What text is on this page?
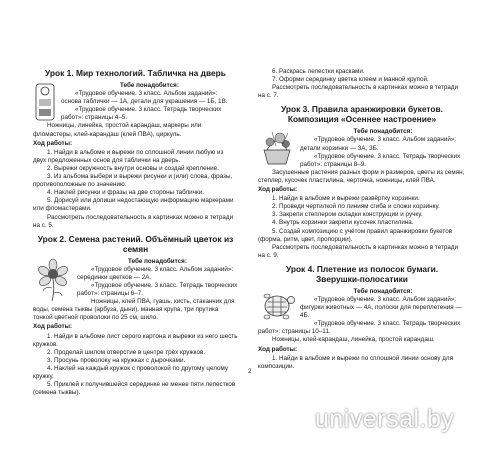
Урок 1. Мир технологий. Табличка на дверь
Тебе понадобится:

«Трудовое обучение. 3 класс. Альбом заданий»: основа таблички — 1А, детали для украшения — 1Б, 1В.

«Трудовое обучение. 3 класс. Тетрадь творческих работ»: страницы 4–5.

Ножницы, линейка, простой карандаш, маркеры или фломастеры, клей-карандаш (клей ПВА), циркуль.

Ход работы:

1. Найди в альбоме и вырежи по сплошной линии любую из двух предложенных основ для таблички на дверь.

2. Вырежи окружность внутри основы и создай крепление.

3. Из альбома выбери и вырежи рисунки и (или) слова, фразы, противоположные по значению.

4. Наклей рисунки и фразы на две стороны таблички.

5. Дорисуй или допиши недостающую информацию маркерами или фломастерами.

Рассмотреть последовательность в картинках можно в тетради на с. 5.

Урок 2. Семена растений. Объёмный цветок из семян
Тебе понадобится:

«Трудовое обучение. 3 класс. Альбом заданий»: серединки цветков — 2А.

«Трудовое обучение. 3 класс. Тетрадь творческих работ»: страницы 6–7.

Ножницы, клей ПВА, гуашь, кисть, стаканчик для воды, семена тыквы (арбуза, дыни), манная крупа, три прутика тонкой цветной проволоки по 25 см, шило.

Ход работы:

1. Найди в альбоме лист серого картона и вырежи из него шесть кружков.

2. Проделай шилом отверстие в центре трёх кружков.

3. Просунь проволоку на кружках с дырочками.

4. Наклей на каждый кружок с проволокой по другому целому кружку.

5. Приклей к получившейся серединке не менее пяти лепестков (семена тыквы).

6. Раскрась лепестки красками.

7. Оформи серединку цветка клеем и манной крупой.

Рассмотреть последовательность в картинках можно в тетради на с. 7.

Урок 3. Правила аранжировки букетов.
Композиция «Осеннее настроение»
Тебе понадобится:

«Трудовое обучение. 3 класс. Альбом заданий»: детали корзинки — 3А, 3Б.

«Трудовое обучение. 3 класс. Тетрадь творческих работ»: страницы 8–9.

Засушенные растения разных форм и размеров, цветы из семян, степлер, кусочек пластилина, черточка, ножницы, клей ПВА.

Ход работы:

1. Найди в альбоме и вырежи развёртку корзинки.

2. Проведи чертилкой по линиям сгиба и сложи корзинку.

3. Закрепи степлером складки конструкции и ручку.

4. Внутрь корзинки закрепи кусочек пластилина.

5. Создай композицию с учётом правил аранжировки букетов (форма, ритм, цвет, пропорции).

Рассмотреть последовательность в картинках можно в тетради на с. 9.

Урок 4. Плетение из полосок бумаги.
Зверушки-полосатики
Тебе понадобится:

«Трудовое обучение. 3 класс. Альбом заданий»: фигурки животных — 4А, полоски для переплетения — 4Б.

«Трудовое обучение. 3 класс. Тетрадь творческих работ»: страницы 10–11.

Ножницы, клей-карандаш, линейка, простой карандаш.

Ход работы:

1. Найди в альбоме и вырежи по сплошной линии основу для композиции.

2
universal.by
